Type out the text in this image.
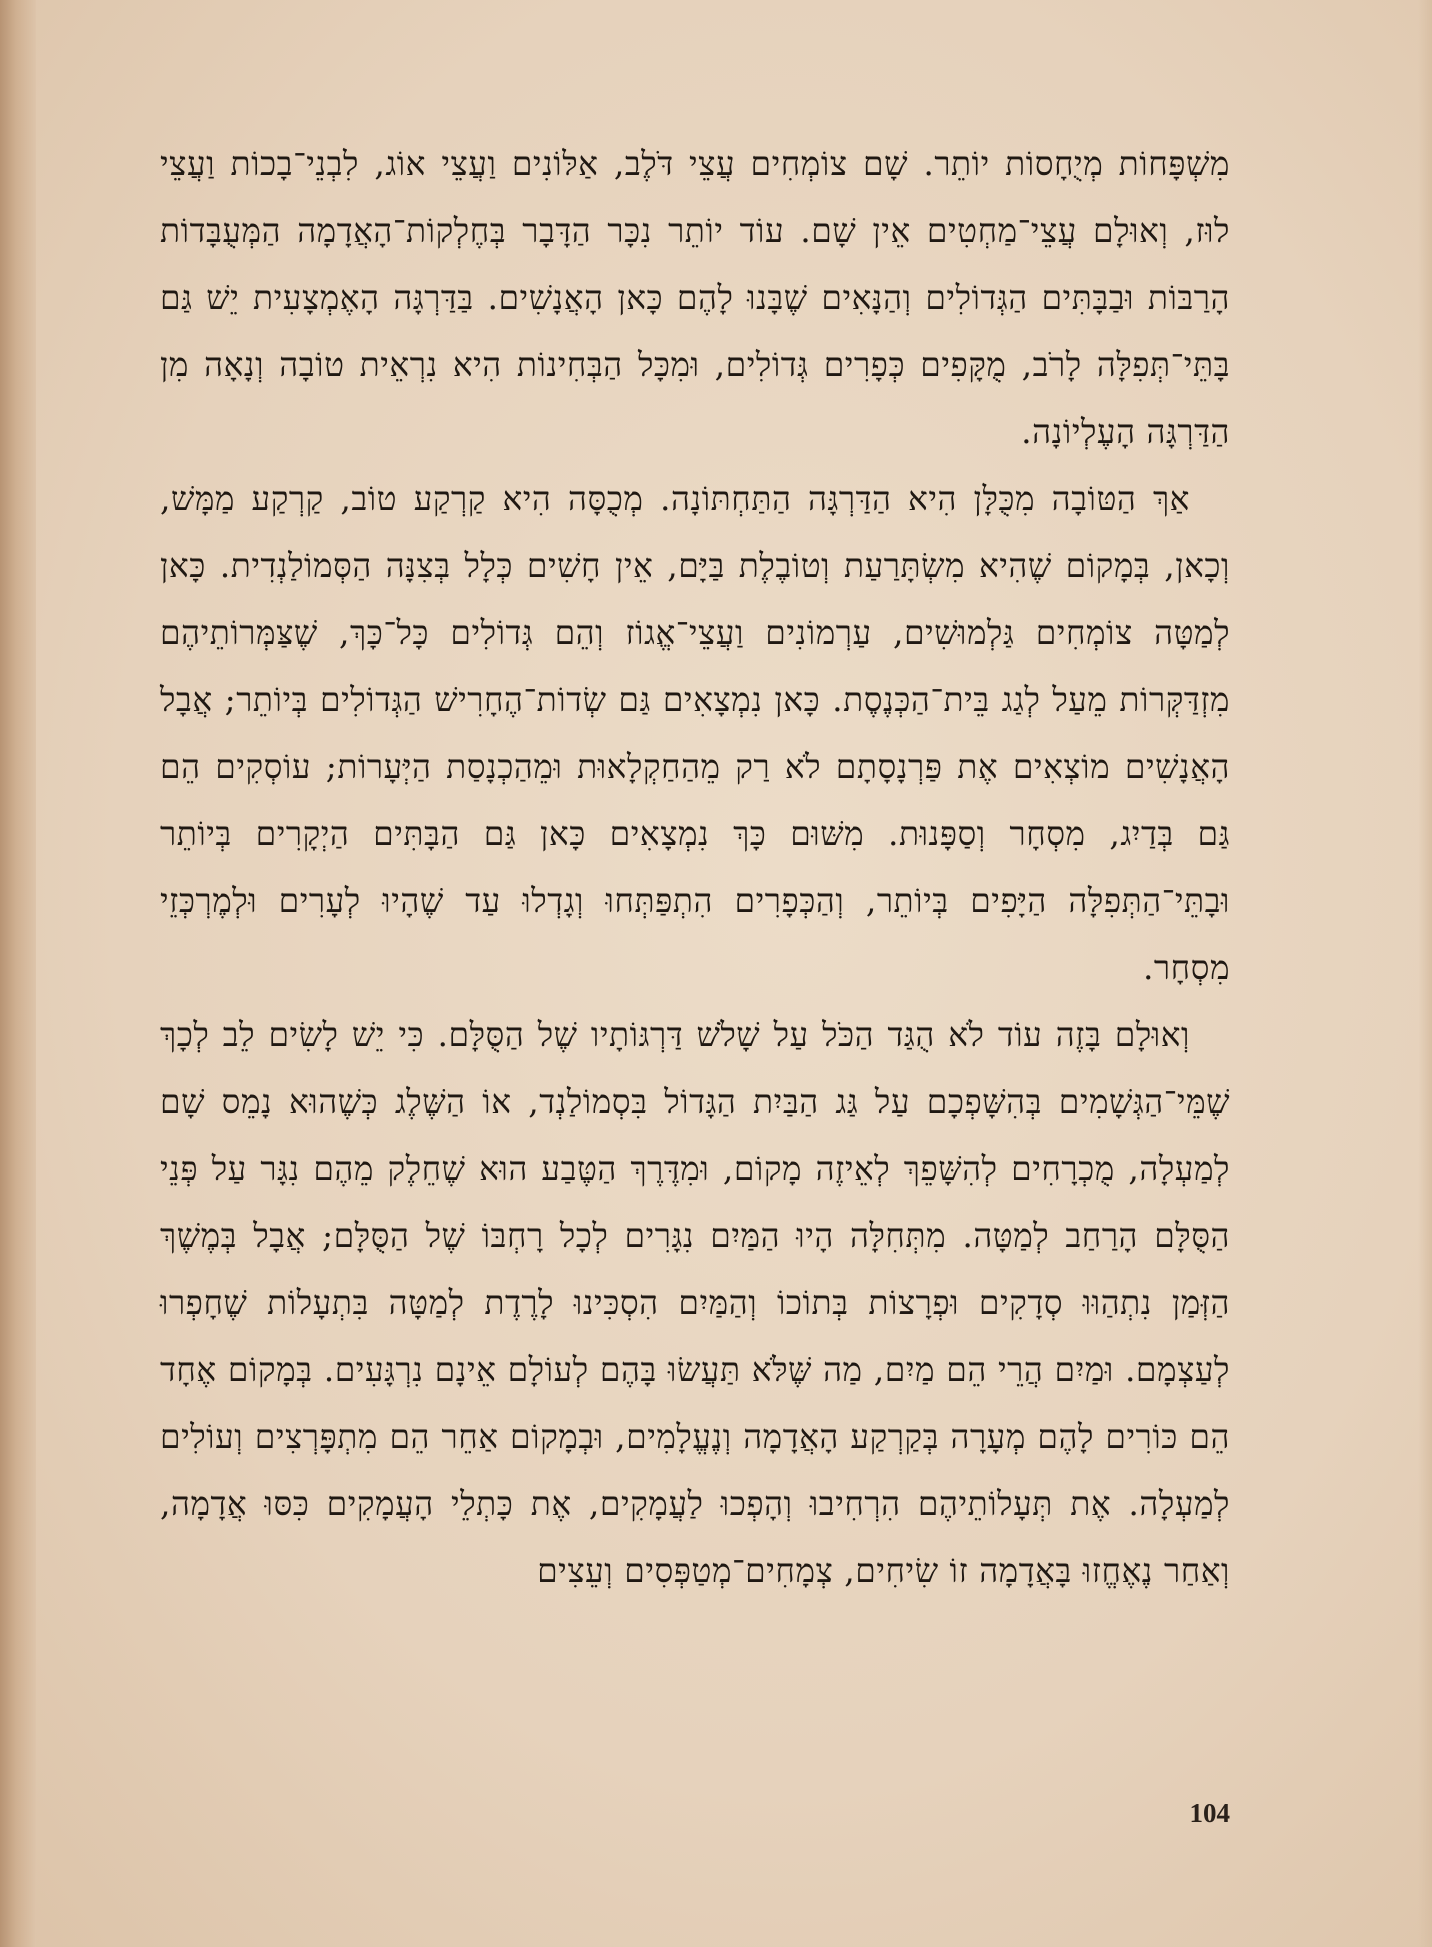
מִשְׁפָּחוֹת מְיֻחָסוֹת יוֹתֵר. שָׁם צוֹמְחִים עֲצֵי דֹּלֶב, אַלּוֹנִים וַעֲצֵי אוֹג, לִבְנֵי־בָכוֹת וַעֲצֵי לוּז, וְאוּלָם עֲצֵי־מַחְטִים אֵין שָׁם. עוֹד יוֹתֵר נִכָּר הַדָּבָר בְּחֶלְקוֹת־הָאֲדָמָה הַמְּעֻבָּדוֹת הָרַבּוֹת וּבַבָּתִּים הַגְּדוֹלִים וְהַנָּאִים שֶׁבָּנוּ לָהֶם כָּאן הָאֲנָשִׁים. בַּדַּרְגָּה הָאֶמְצָעִית יֵשׁ גַּם בָּתֵּי־תְּפִלָּה לָרֹב, מֻקָּפִים כְּפָרִים גְּדוֹלִים, וּמִכָּל הַבְּחִינוֹת הִיא נִרְאֵית טוֹבָה וְנָאָה מִן הַדַּרְגָּה הָעֶלְיוֹנָה.

אַךְ הַטּוֹבָה מִכֻּלָּן הִיא הַדַּרְגָּה הַתַּחְתּוֹנָה. מְכֻסָּה הִיא קַרְקַע טוֹב, קַרְקַע מַמָּשׁ, וְכָאן, בְּמָקוֹם שֶׁהִיא מִשְׂתָּרַעַת וְטוֹבֶלֶת בַּיָּם, אֵין חָשִׁים כְּלָל בְּצִנָּה הַסְּמוֹלַנְדִית. כָּאן לְמַטָּה צוֹמְחִים גַּלְמוּשִׁים, עַרְמוֹנִים וַעֲצֵי־אֱגוֹז וְהֵם גְּדוֹלִים כָּל־כָּךְ, שֶׁצַּמְּרוֹתֵיהֶם מִזְדַּקְּרוֹת מֵעַל לְגַג בֵּית־הַכְּנֶסֶת. כָּאן נִמְצָאִים גַּם שְׂדוֹת־הֶחָרִישׁ הַגְּדוֹלִים בְּיוֹתֵר; אֲבָל הָאֲנָשִׁים מוֹצְאִים אֶת פַּרְנָסָתָם לֹא רַק מֵהַחַקְלָאוּת וּמֵהַכְנָסַת הַיְּעָרוֹת; עוֹסְקִים הֵם גַּם בְּדַיִג, מִסְחָר וְסַפָּנוּת. מִשּׁוּם כָּךְ נִמְצָאִים כָּאן גַּם הַבָּתִּים הַיְקָרִים בְּיוֹתֵר וּבָתֵּי־הַתְּפִלָּה הַיָּפִים בְּיוֹתֵר, וְהַכְּפָרִים הִתְפַּתְּחוּ וְגָדְלוּ עַד שֶׁהָיוּ לְעָרִים וּלְמֶרְכְּזֵי מִסְחָר.

וְאוּלָם בָּזֶה עוֹד לֹא הֻגַּד הַכֹּל עַל שָׁלֹשׁ דַּרְגּוֹתָיו שֶׁל הַסֻּלָּם. כִּי יֵשׁ לָשִׂים לֵב לְכָךְ שֶׁמֵּי־הַגְּשָׁמִים בְּהִשָּׁפְכָם עַל גַּג הַבַּיִת הַגָּדוֹל בִּסְמוֹלַנְד, אוֹ הַשֶּׁלֶג כְּשֶׁהוּא נָמֵס שָׁם לְמַעְלָה, מֻכְרָחִים לְהִשָּׁפֵךְ לְאֵיזֶה מָקוֹם, וּמִדֶּרֶךְ הַטֶּבַע הוּא שֶׁחֵלֶק מֵהֶם נִגָּר עַל פְּנֵי הַסֻּלָּם הָרַחַב לְמַטָּה. מִתְּחִלָּה הָיוּ הַמַּיִם נִגָּרִים לְכָל רָחְבּוֹ שֶׁל הַסֻּלָּם; אֲבָל בְּמֶשֶׁךְ הַזְּמַן נִתְהַוּוּ סְדָקִים וּפְרָצוֹת בְּתוֹכוֹ וְהַמַּיִם הִסְכִּינוּ לָרֶדֶת לְמַטָּה בִּתְעָלוֹת שֶׁחָפְרוּ לְעַצְמָם. וּמַיִם הֲרֵי הֵם מַיִם, מַה שֶּׁלֹּא תַּעֲשׂוּ בָּהֶם לְעוֹלָם אֵינָם נִרְגָּעִים. בְּמָקוֹם אֶחָד הֵם כּוֹרִים לָהֶם מְעָרָה בְּקַרְקַע הָאֲדָמָה וְנֶעֱלָמִים, וּבְמָקוֹם אַחֵר הֵם מִתְפָּרְצִים וְעוֹלִים לְמַעְלָה. אֶת תְּעָלוֹתֵיהֶם הִרְחִיבוּ וְהָפְכוּ לַעֲמָקִים, אֶת כָּתְלֵי הָעֲמָקִים כִּסּוּ אֲדָמָה, וְאַחַר נֶאֶחֱזוּ בָּאֲדָמָה זוֹ שִׂיחִים, צְמָחִים־מְטַפְּסִים וְעֵצִים

104
